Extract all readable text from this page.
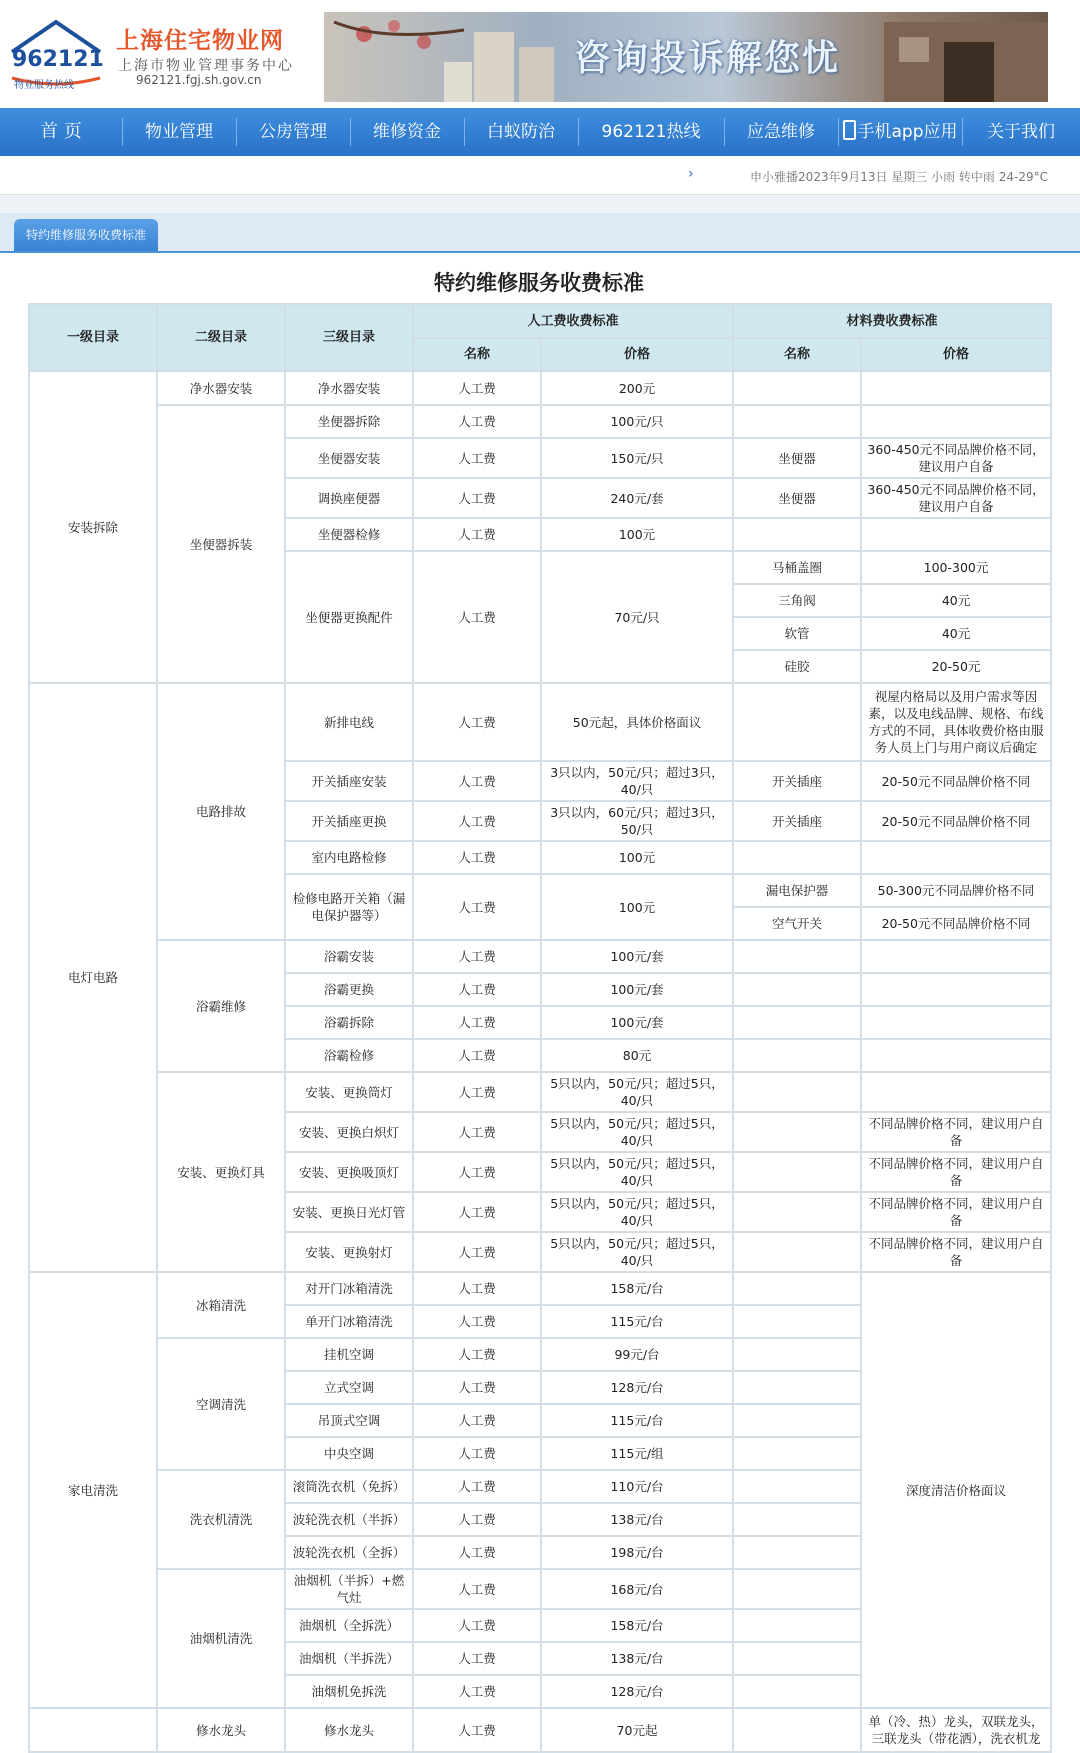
962121
物业服务热线
上海住宅物业网
上海市物业管理事务中心
962121.fgj.sh.gov.cn
咨询投诉解您忧
首 页	物业管理	公房管理	维修资金	白蚁防治	962121热线	应急维修	手机app应用	关于我们
›	申小雅播2023年9月13日 星期三 小雨 转中雨 24-29°C
特约维修服务收费标准
特约维修服务收费标准
一级目录	二级目录	三级目录	人工费收费标准		材料费收费标准	
			名称	价格	名称	价格
安装拆除	净水器安装	净水器安装	人工费	200元		
	坐便器拆装	坐便器拆除	人工费	100元/只		
		坐便器安装	人工费	150元/只	坐便器	360-450元不同品牌价格不同，建议用户自备
		调换座便器	人工费	240元/套	坐便器	360-450元不同品牌价格不同，建议用户自备
		坐便器检修	人工费	100元		
		坐便器更换配件	人工费	70元/只	马桶盖圈	100-300元
					三角阀	40元
					软管	40元
					硅胶	20-50元
电灯电路	电路排故	新排电线	人工费	50元起，具体价格面议		视屋内格局以及用户需求等因素，以及电线品牌、规格、布线方式的不同，具体收费价格由服务人员上门与用户商议后确定
		开关插座安装	人工费	3只以内，50元/只；超过3只，40/只	开关插座	20-50元不同品牌价格不同
		开关插座更换	人工费	3只以内，60元/只；超过3只，50/只	开关插座	20-50元不同品牌价格不同
		室内电路检修	人工费	100元		
		检修电路开关箱（漏电保护器等）	人工费	100元	漏电保护器	50-300元不同品牌价格不同
					空气开关	20-50元不同品牌价格不同
	浴霸维修	浴霸安装	人工费	100元/套		
		浴霸更换	人工费	100元/套		
		浴霸拆除	人工费	100元/套		
		浴霸检修	人工费	80元		
	安装、更换灯具	安装、更换筒灯	人工费	5只以内，50元/只；超过5只，40/只		
		安装、更换白炽灯	人工费	5只以内，50元/只；超过5只，40/只		不同品牌价格不同，建议用户自备
		安装、更换吸顶灯	人工费	5只以内，50元/只；超过5只，40/只		不同品牌价格不同，建议用户自备
		安装、更换日光灯管	人工费	5只以内，50元/只；超过5只，40/只		不同品牌价格不同，建议用户自备
		安装、更换射灯	人工费	5只以内，50元/只；超过5只，40/只		不同品牌价格不同，建议用户自备
家电清洗	冰箱清洗	对开门冰箱清洗	人工费	158元/台		深度清洁价格面议
		单开门冰箱清洗	人工费	115元/台		
	空调清洗	挂机空调	人工费	99元/台		
		立式空调	人工费	128元/台		
		吊顶式空调	人工费	115元/台		
		中央空调	人工费	115元/组		
	洗衣机清洗	滚筒洗衣机（免拆）	人工费	110元/台		
		波轮洗衣机（半拆）	人工费	138元/台		
		波轮洗衣机（全拆）	人工费	198元/台		
	油烟机清洗	油烟机（半拆）+燃气灶	人工费	168元/台		
		油烟机（全拆洗）	人工费	158元/台		
		油烟机（半拆洗）	人工费	138元/台		
		油烟机免拆洗	人工费	128元/台		
	修水龙头	修水龙头	人工费	70元起		单（冷、热）龙头，双联龙头，三联龙头（带花洒），洗衣机龙
